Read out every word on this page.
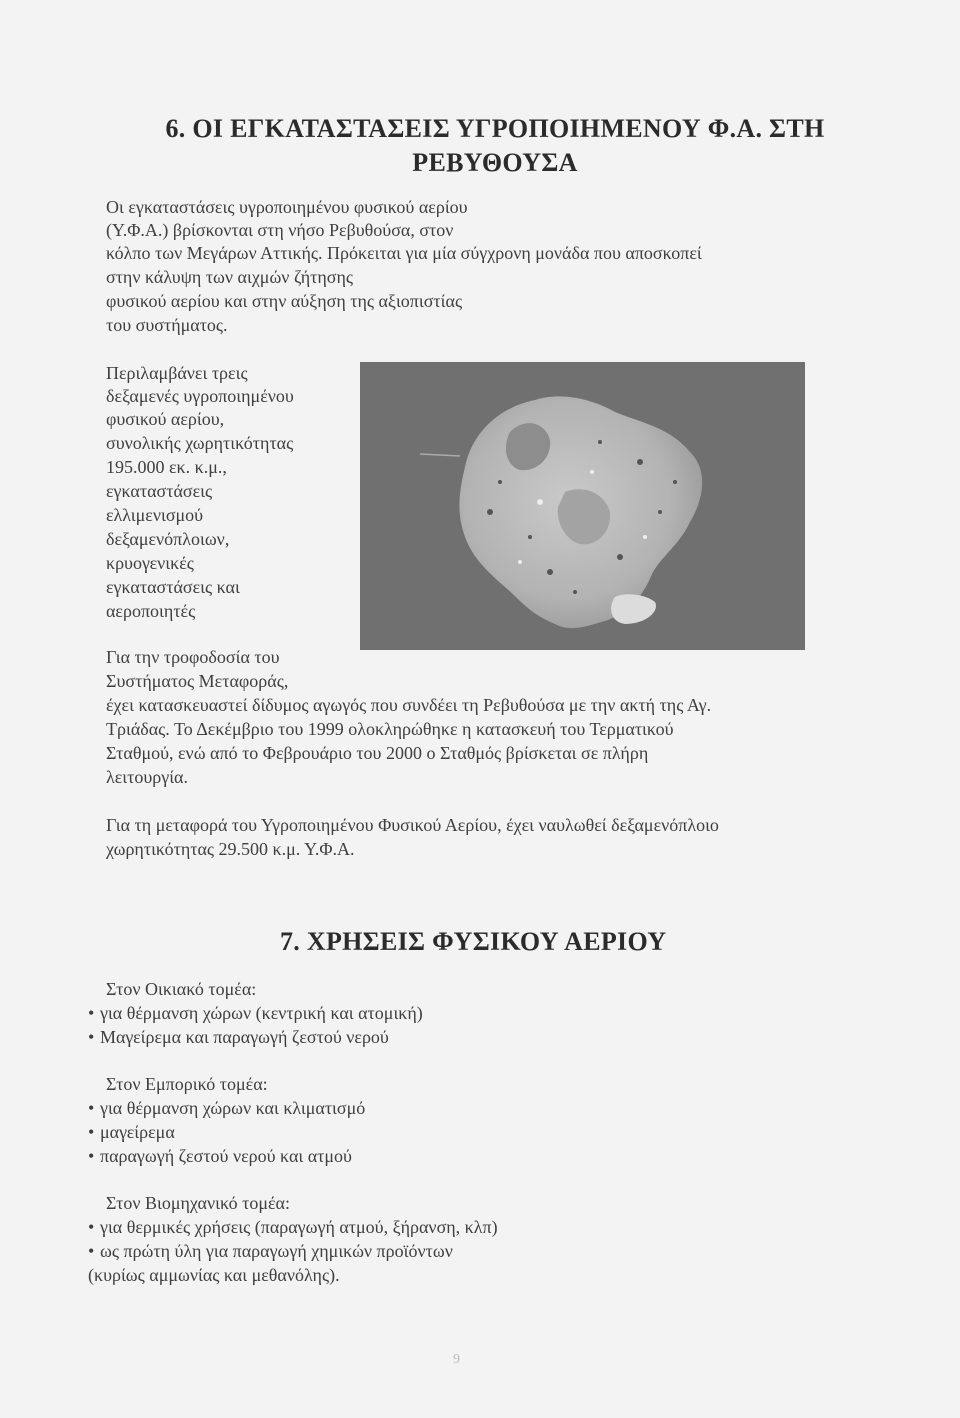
6. ΟΙ ΕΓΚΑΤΑΣΤΑΣΕΙΣ ΥΓΡΟΠΟΙΗΜΕΝΟΥ Φ.Α. ΣΤΗ
ΡΕΒΥΘΟΥΣΑ
Οι εγκαταστάσεις υγροποιημένου φυσικού αερίου
(Υ.Φ.Α.) βρίσκονται στη νήσο Ρεβυθούσα, στον
κόλπο των Μεγάρων Αττικής. Πρόκειται για μία σύγχρονη μονάδα που αποσκοπεί
στην κάλυψη των αιχμών ζήτησης
φυσικού αερίου και στην αύξηση της αξιοπιστίας
του συστήματος.
Περιλαμβάνει τρεις
δεξαμενές υγροποιημένου
φυσικού αερίου,
συνολικής χωρητικότητας
195.000 εκ. κ.μ.,
εγκαταστάσεις
ελλιμενισμού
δεξαμενόπλοιων,
κρυογενικές
εγκαταστάσεις και
αεροποιητές
Για την τροφοδοσία του
Συστήματος Μεταφοράς,
έχει κατασκευαστεί δίδυμος αγωγός που συνδέει τη Ρεβυθούσα με την ακτή της Αγ.
Τριάδας. Το Δεκέμβριο του 1999 ολοκληρώθηκε η κατασκευή του Τερματικού
Σταθμού, ενώ από το Φεβρουάριο του 2000 ο Σταθμός βρίσκεται σε πλήρη
λειτουργία.
Για τη μεταφορά του Υγροποιημένου Φυσικού Αερίου, έχει ναυλωθεί δεξαμενόπλοιο
χωρητικότητας 29.500 κ.μ. Υ.Φ.Α.
7. ΧΡΗΣΕΙΣ ΦΥΣΙΚΟΥ ΑΕΡΙΟΥ
Στον Οικιακό τομέα:
• για θέρμανση χώρων (κεντρική και ατομική)
• Μαγείρεμα και παραγωγή ζεστού νερού
Στον Εμπορικό τομέα:
• για θέρμανση χώρων και κλιματισμό
• μαγείρεμα
• παραγωγή ζεστού νερού και ατμού
Στον Βιομηχανικό τομέα:
• για θερμικές χρήσεις (παραγωγή ατμού, ξήρανση, κλπ)
• ως πρώτη ύλη για παραγωγή χημικών προϊόντων
(κυρίως αμμωνίας και μεθανόλης).
9
